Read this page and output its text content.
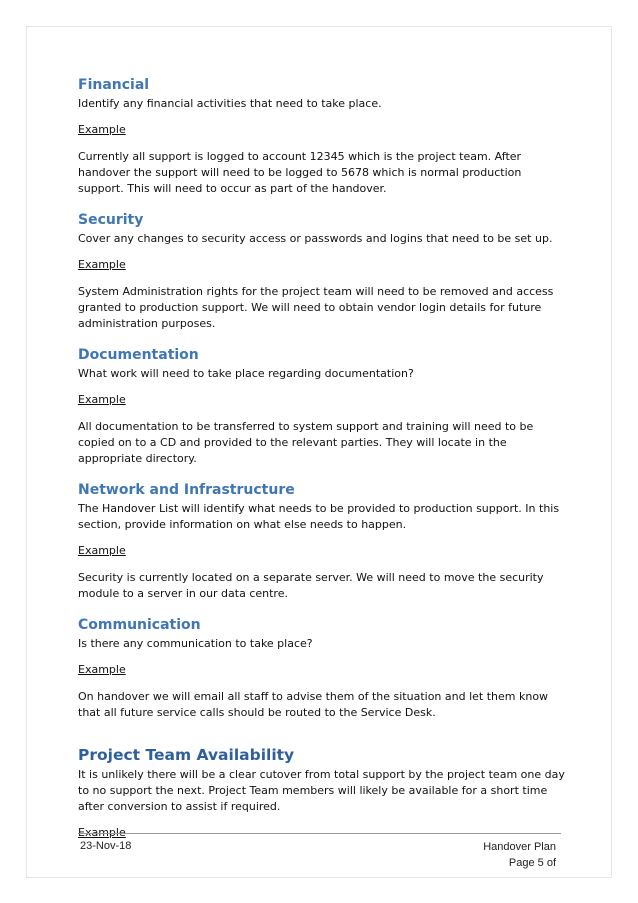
Financial
Identify any financial activities that need to take place.
Example
Currently all support is logged to account 12345 which is the project team. After handover the support will need to be logged to 5678 which is normal production support. This will need to occur as part of the handover.
Security
Cover any changes to security access or passwords and logins that need to be set up.
Example
System Administration rights for the project team will need to be removed and access granted to production support. We will need to obtain vendor login details for future administration purposes.
Documentation
What work will need to take place regarding documentation?
Example
All documentation to be transferred to system support and training will need to be copied on to a CD and provided to the relevant parties. They will locate in the appropriate directory.
Network and Infrastructure
The Handover List will identify what needs to be provided to production support. In this section, provide information on what else needs to happen.
Example
Security is currently located on a separate server. We will need to move the security module to a server in our data centre.
Communication
Is there any communication to take place?
Example
On handover we will email all staff to advise them of the situation and let them know that all future service calls should be routed to the Service Desk.
Project Team Availability
It is unlikely there will be a clear cutover from total support by the project team one day to no support the next. Project Team members will likely be available for a short time after conversion to assist if required.
Example
23-Nov-18	Handover Plan
Page 5 of
